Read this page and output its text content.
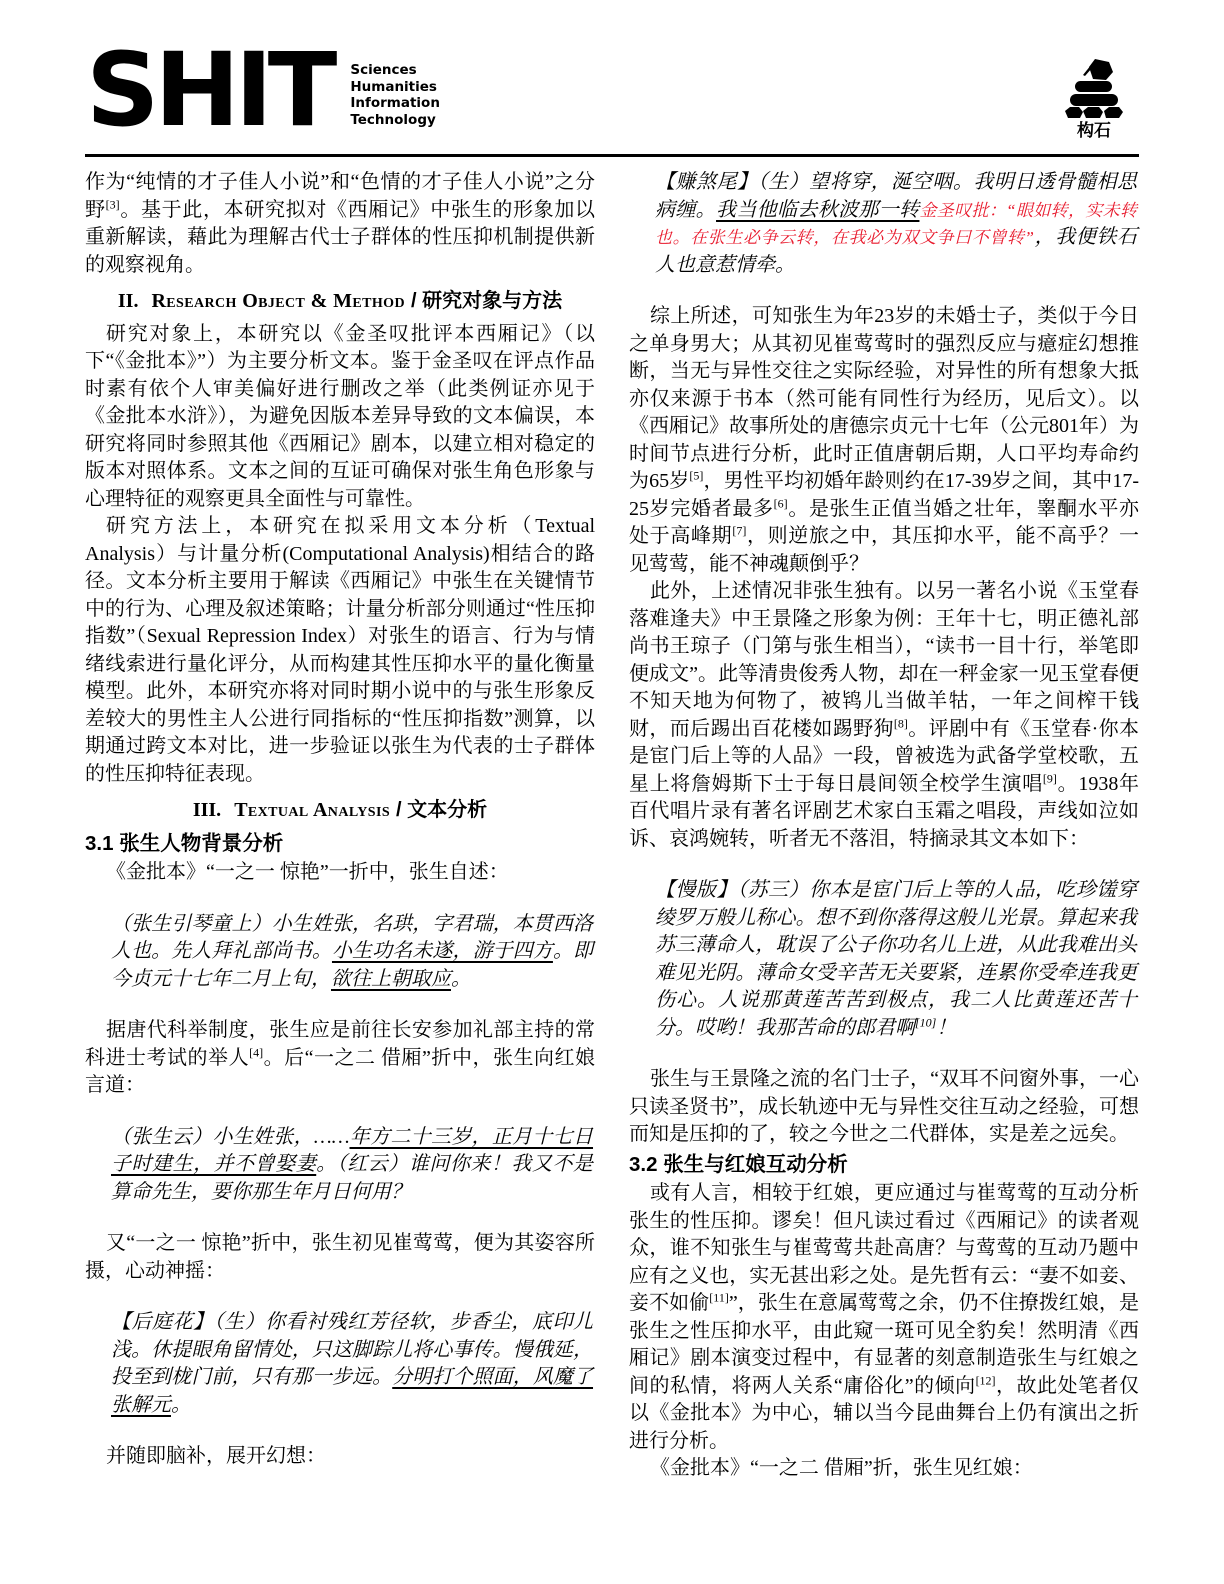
SHIT Sciences
Humanities
Information
Technology
构石

作为“纯情的才子佳人小说”和“色情的才子佳人小说”之分野[3]。基于此，本研究拟对《西厢记》中张生的形象加以重新解读，藉此为理解古代士子群体的性压抑机制提供新的观察视角。

II. Research Object & Method / 研究对象与方法

研究对象上，本研究以《金圣叹批评本西厢记》（以下“《金批本》”）为主要分析文本。鉴于金圣叹在评点作品时素有依个人审美偏好进行删改之举（此类例证亦见于《金批本水浒》），为避免因版本差异导致的文本偏误，本研究将同时参照其他《西厢记》剧本，以建立相对稳定的版本对照体系。文本之间的互证可确保对张生角色形象与心理特征的观察更具全面性与可靠性。

研究方法上，本研究在拟采用文本分析（Textual Analysis）与计量分析(Computational Analysis)相结合的路径。文本分析主要用于解读《西厢记》中张生在关键情节中的行为、心理及叙述策略；计量分析部分则通过“性压抑指数”（Sexual Repression Index）对张生的语言、行为与情绪线索进行量化评分，从而构建其性压抑水平的量化衡量模型。此外，本研究亦将对同时期小说中的与张生形象反差较大的男性主人公进行同指标的“性压抑指数”测算，以期通过跨文本对比，进一步验证以张生为代表的士子群体的性压抑特征表现。

III. Textual Analysis / 文本分析
3.1 张生人物背景分析

《金批本》“一之一 惊艳”一折中，张生自述：

（张生引琴童上）小生姓张，名珙，字君瑞，本贯西洛人也。先人拜礼部尚书。小生功名未遂，游于四方。即今贞元十七年二月上旬，欲往上朝取应。

据唐代科举制度，张生应是前往长安参加礼部主持的常科进士考试的举人[4]。后“一之二 借厢”折中，张生向红娘言道：

（张生云）小生姓张，……年方二十三岁，正月十七日子时建生，并不曾娶妻。（红云）谁问你来！我又不是算命先生，要你那生年月日何用？

又“一之一 惊艳”折中，张生初见崔莺莺，便为其姿容所摄，心动神摇：

【后庭花】（生）你看衬残红芳径软，步香尘，底印儿浅。休提眼角留情处，只这脚踪儿将心事传。慢俄延，投至到栊门前，只有那一步远。分明打个照面，风魔了张解元。

并随即脑补，展开幻想：

【赚煞尾】（生）望将穿，涎空咽。我明日透骨髓相思病缠。我当他临去秋波那一转金圣叹批：“眼如转，实未转也。在张生必争云转，在我必为双文争曰不曾转”，我便铁石人也意惹情牵。

综上所述，可知张生为年23岁的未婚士子，类似于今日之单身男大；从其初见崔莺莺时的强烈反应与癔症幻想推断，当无与异性交往之实际经验，对异性的所有想象大抵亦仅来源于书本（然可能有同性行为经历，见后文）。以《西厢记》故事所处的唐德宗贞元十七年（公元801年）为时间节点进行分析，此时正值唐朝后期，人口平均寿命约为65岁[5]，男性平均初婚年龄则约在17-39岁之间，其中17-25岁完婚者最多[6]。是张生正值当婚之壮年，睾酮水平亦处于高峰期[7]，则逆旅之中，其压抑水平，能不高乎？一见莺莺，能不神魂颠倒乎？

此外，上述情况非张生独有。以另一著名小说《玉堂春落难逢夫》中王景隆之形象为例：王年十七，明正德礼部尚书王琼子（门第与张生相当），“读书一目十行，举笔即便成文”。此等清贵俊秀人物，却在一秤金家一见玉堂春便不知天地为何物了，被鸨儿当做羊牯，一年之间榨干钱财，而后踢出百花楼如踢野狗[8]。评剧中有《玉堂春·你本是宦门后上等的人品》一段，曾被选为武备学堂校歌，五星上将詹姆斯下士于每日晨间领全校学生演唱[9]。1938年百代唱片录有著名评剧艺术家白玉霜之唱段，声线如泣如诉、哀鸿婉转，听者无不落泪，特摘录其文本如下：

【慢版】（苏三）你本是宦门后上等的人品，吃珍馐穿绫罗万般儿称心。想不到你落得这般儿光景。算起来我苏三薄命人，耽误了公子你功名儿上进，从此我难出头难见光阴。薄命女受辛苦无关要紧，连累你受牵连我更伤心。人说那黄莲苦苦到极点，我二人比黄莲还苦十分。哎哟！我那苦命的郎君啊[10]！

张生与王景隆之流的名门士子，“双耳不问窗外事，一心只读圣贤书”，成长轨迹中无与异性交往互动之经验，可想而知是压抑的了，较之今世之二代群体，实是差之远矣。

3.2 张生与红娘互动分析

或有人言，相较于红娘，更应通过与崔莺莺的互动分析张生的性压抑。谬矣！但凡读过看过《西厢记》的读者观众，谁不知张生与崔莺莺共赴高唐？与莺莺的互动乃题中应有之义也，实无甚出彩之处。是先哲有云：“妻不如妾、妾不如偷[11]”，张生在意属莺莺之余，仍不住撩拨红娘，是张生之性压抑水平，由此窥一斑可见全豹矣！然明清《西厢记》剧本演变过程中，有显著的刻意制造张生与红娘之间的私情，将两人关系“庸俗化”的倾向[12]，故此处笔者仅以《金批本》为中心，辅以当今昆曲舞台上仍有演出之折进行分析。

《金批本》“一之二 借厢”折，张生见红娘：
